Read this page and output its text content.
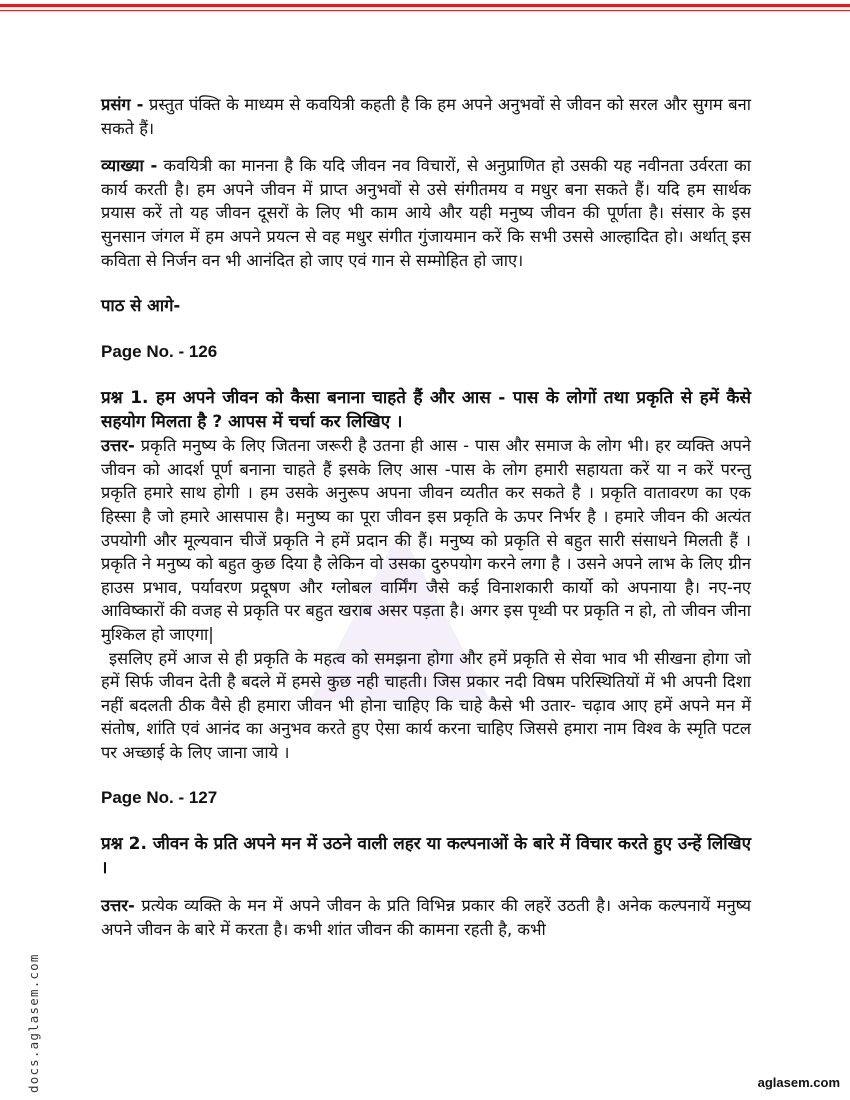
प्रसंग - प्रस्तुत पंक्ति के माध्यम से कवयित्री कहती है कि हम अपने अनुभवों से जीवन को सरल और सुगम बना सकते हैं।

व्याख्या - कवयित्री का मानना है कि यदि जीवन नव विचारों, से अनुप्राणित हो उसकी यह नवीनता उर्वरता का कार्य करती है। हम अपने जीवन में प्राप्त अनुभवों से उसे संगीतमय व मधुर बना सकते हैं। यदि हम सार्थक प्रयास करें तो यह जीवन दूसरों के लिए भी काम आये और यही मनुष्य जीवन की पूर्णता है। संसार के इस सुनसान जंगल में हम अपने प्रयत्न से वह मधुर संगीत गुंजायमान करें कि सभी उससे आल्हादित हो। अर्थात् इस कविता से निर्जन वन भी आनंदित हो जाए एवं गान से सम्मोहित हो जाए।

पाठ से आगे-
Page No. - 126

प्रश्न 1. हम अपने जीवन को कैसा बनाना चाहते हैं और आस - पास के लोगों तथा प्रकृति से हमें कैसे सहयोग मिलता है ? आपस में चर्चा कर लिखिए ।

उत्तर- प्रकृति मनुष्य के लिए जितना जरूरी है उतना ही आस - पास और समाज के लोग भी। हर व्यक्ति अपने जीवन को आदर्श पूर्ण बनाना चाहते हैं इसके लिए आस -पास के लोग हमारी सहायता करें या न करें परन्तु प्रकृति हमारे साथ होगी । हम उसके अनुरूप अपना जीवन व्यतीत कर सकते है । प्रकृति वातावरण का एक हिस्सा है जो हमारे आसपास है। मनुष्य का पूरा जीवन इस प्रकृति के ऊपर निर्भर है । हमारे जीवन की अत्यंत उपयोगी और मूल्यवान चीजें प्रकृति ने हमें प्रदान की हैं। मनुष्य को प्रकृति से बहुत सारी संसाधने मिलती हैं । प्रकृति ने मनुष्य को बहुत कुछ दिया है लेकिन वो उसका दुरुपयोग करने लगा है । उसने अपने लाभ के लिए ग्रीन हाउस प्रभाव, पर्यावरण प्रदूषण और ग्लोबल वार्मिंग जैसे कई विनाशकारी कार्यो को अपनाया है। नए-नए आविष्कारों की वजह से प्रकृति पर बहुत खराब असर पड़ता है। अगर इस पृथ्वी पर प्रकृति न हो, तो जीवन जीना मुश्किल हो जाएगा|

इसलिए हमें आज से ही प्रकृति के महत्व को समझना होगा और हमें प्रकृति से सेवा भाव भी सीखना होगा जो हमें सिर्फ जीवन देती है बदले में हमसे कुछ नही चाहती। जिस प्रकार नदी विषम परिस्थितियों में भी अपनी दिशा नहीं बदलती ठीक वैसे ही हमारा जीवन भी होना चाहिए कि चाहे कैसे भी उतार- चढ़ाव आए हमें अपने मन में संतोष, शांति एवं आनंद का अनुभव करते हुए ऐसा कार्य करना चाहिए जिससे हमारा नाम विश्व के स्मृति पटल पर अच्छाई के लिए जाना जाये ।

Page No. - 127

प्रश्न 2. जीवन के प्रति अपने मन में उठने वाली लहर या कल्पनाओं के बारे में विचार करते हुए उन्हें लिखिए ।

उत्तर- प्रत्येक व्यक्ति के मन में अपने जीवन के प्रति विभिन्न प्रकार की लहरें उठती है। अनेक कल्पनायें मनुष्य अपने जीवन के बारे में करता है। कभी शांत जीवन की कामना रहती है, कभी

docs.aglasem.com	aglasem.com
